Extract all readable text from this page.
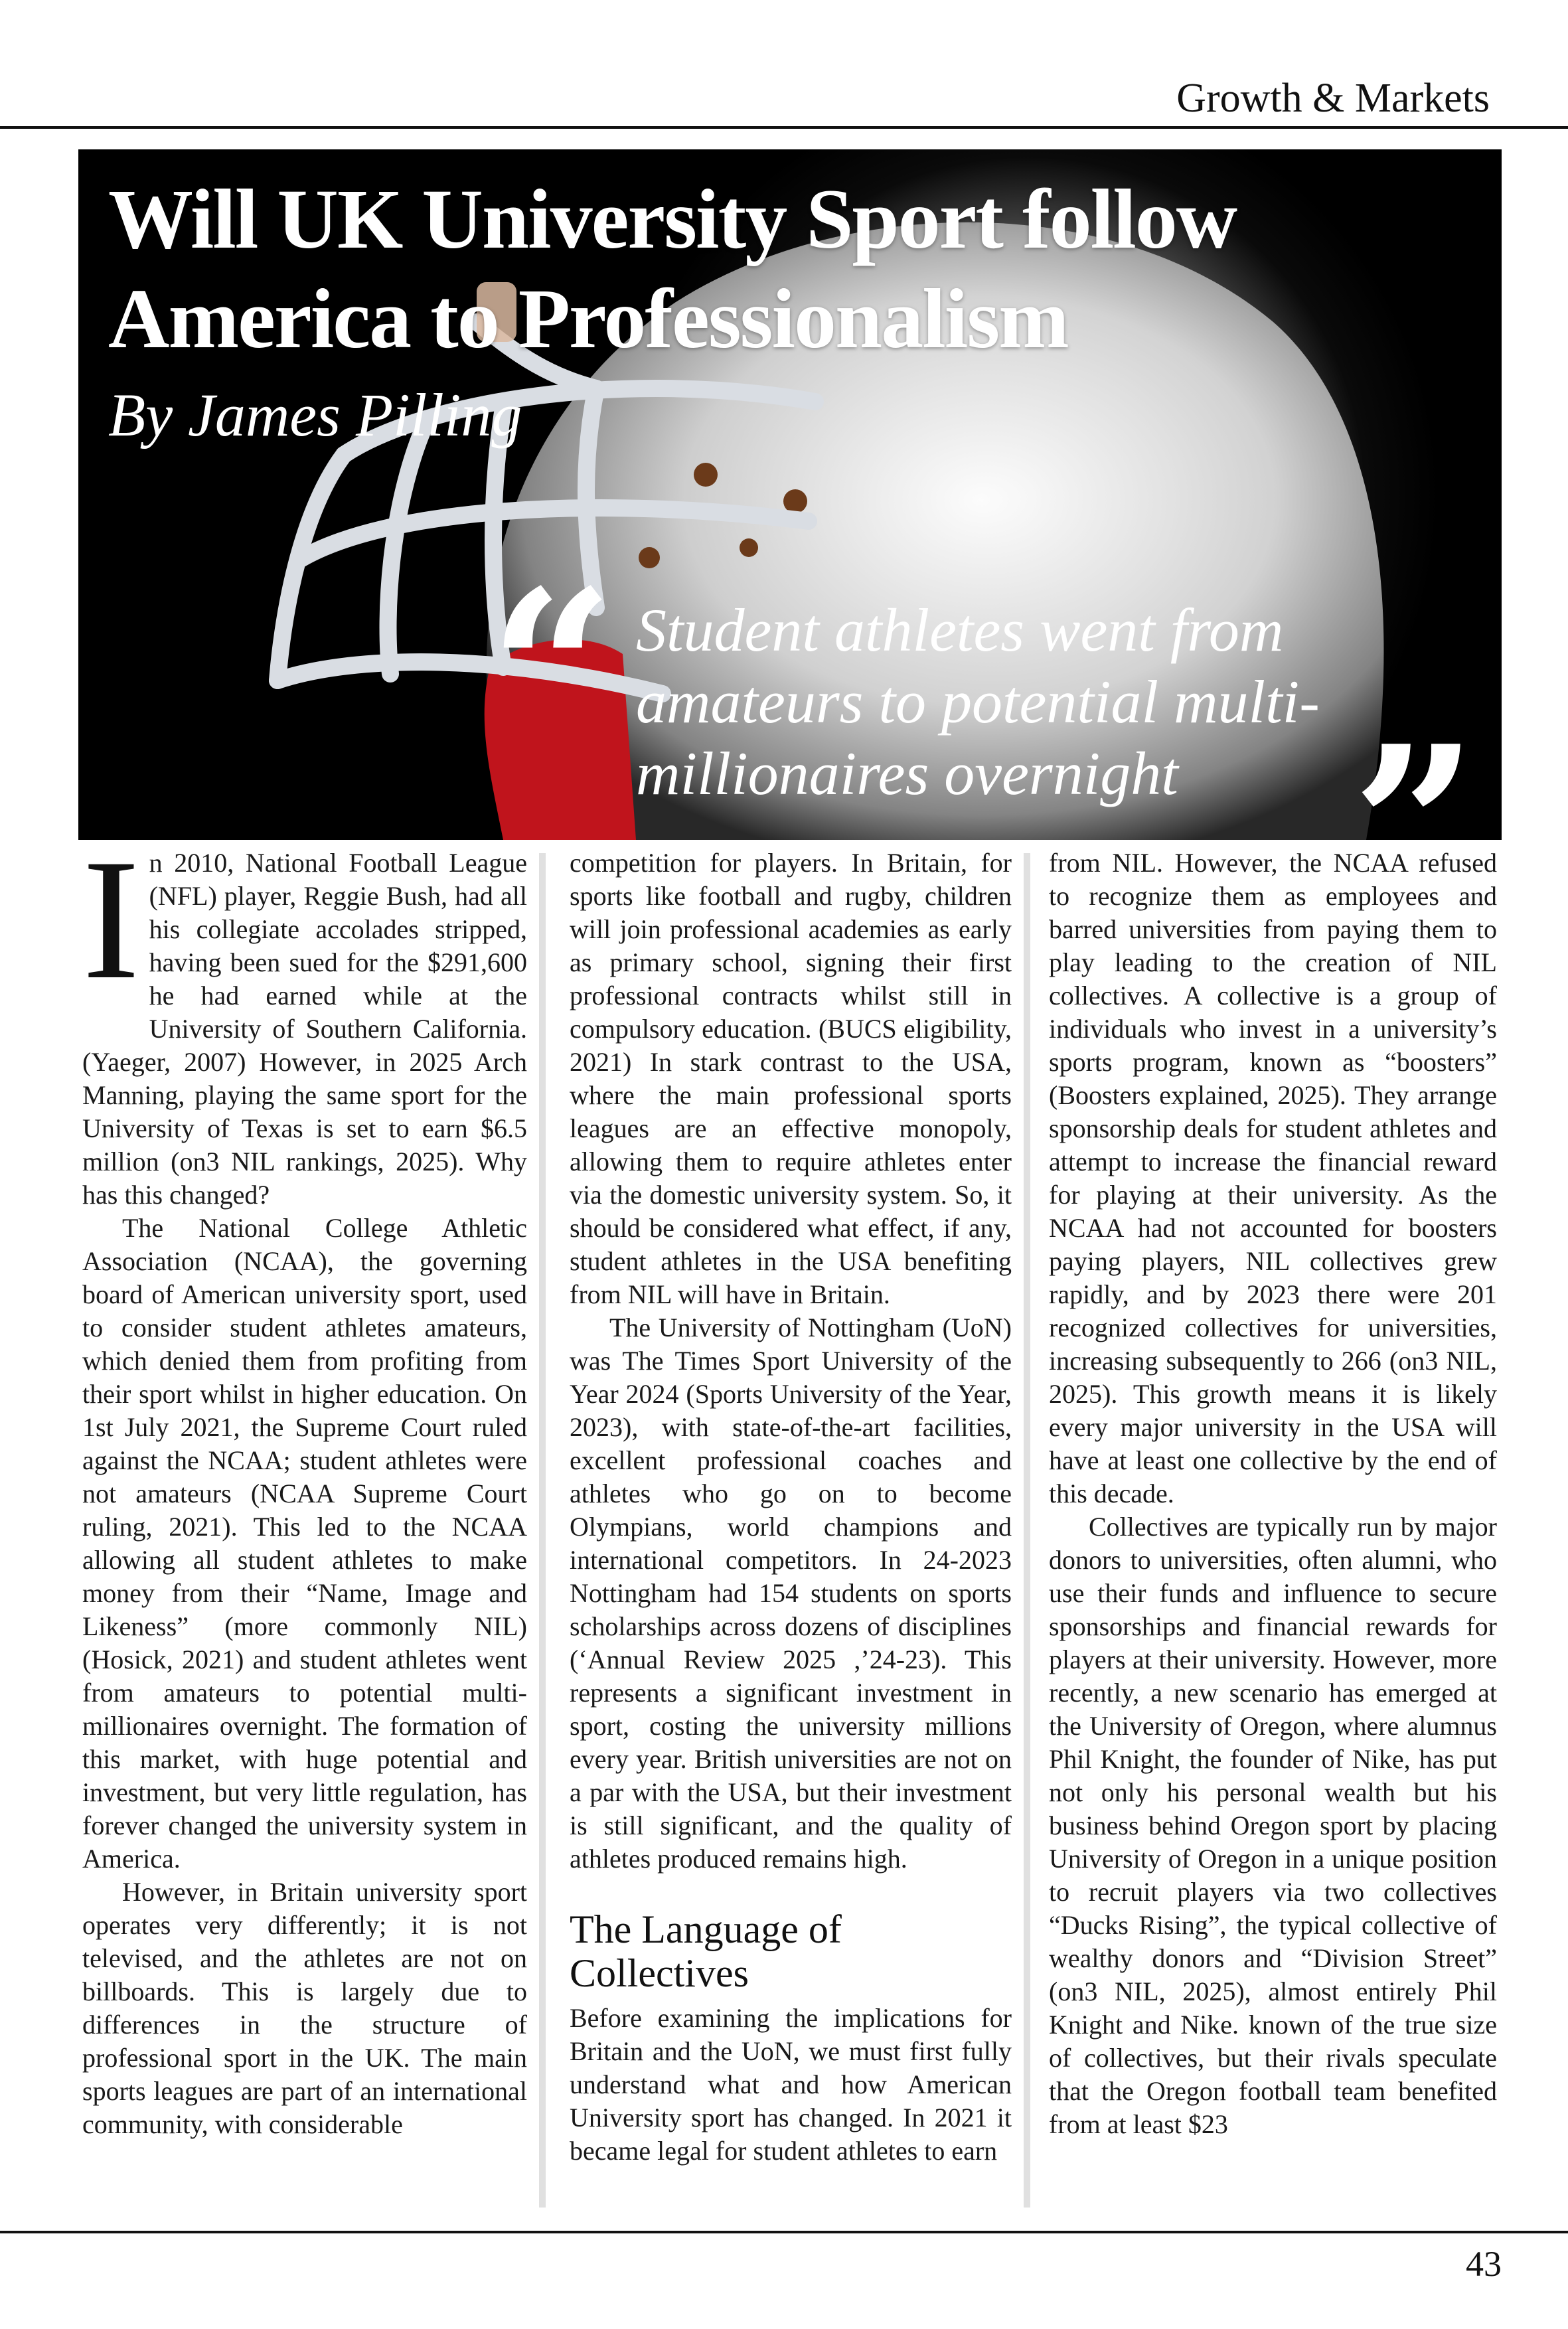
Growth & Markets
Will UK University Sport follow America to Professionalism
By James Pilling
“ Student athletes went from amateurs to potential multi-millionaires overnight ”
I n 2010, National Football League (NFL) player, Reggie Bush, had all his collegiate accolades stripped, having been sued for the $291,600 he had earned while at the University of Southern California. (Yaeger, 2007) However, in 2025 Arch Manning, playing the same sport for the University of Texas is set to earn $6.5 million (on3 NIL rankings, 2025). Why has this changed?

The National College Athletic Association (NCAA), the governing board of American university sport, used to consider student athletes amateurs, which denied them from profiting from their sport whilst in higher education. On 1st July 2021, the Supreme Court ruled against the NCAA; student athletes were not amateurs (NCAA Supreme Court ruling, 2021). This led to the NCAA allowing all student athletes to make money from their “Name, Image and Likeness” (more commonly NIL) (Hosick, 2021) and student athletes went from amateurs to potential multi-millionaires overnight. The formation of this market, with huge potential and investment, but very little regulation, has forever changed the university system in America.

However, in Britain university sport operates very differently; it is not televised, and the athletes are not on billboards. This is largely due to differences in the structure of professional sport in the UK. The main sports leagues are part of an international community, with considerable

competition for players. In Britain, for sports like football and rugby, children will join professional academies as early as primary school, signing their first professional contracts whilst still in compulsory education. (BUCS eligibility, 2021) In stark contrast to the USA, where the main professional sports leagues are an effective monopoly, allowing them to require athletes enter via the domestic university system. So, it should be considered what effect, if any, student athletes in the USA benefiting from NIL will have in Britain.

The University of Nottingham (UoN) was The Times Sport University of the Year 2024 (Sports University of the Year, 2023), with state-of-the-art facilities, excellent professional coaches and athletes who go on to become Olympians, world champions and international competitors. In 24-2023 Nottingham had 154 students on sports scholarships across dozens of disciplines (‘Annual Review 2025 ,’24-23). This represents a significant investment in sport, costing the university millions every year. British universities are not on a par with the USA, but their investment is still significant, and the quality of athletes produced remains high.

The Language of Collectives

Before examining the implications for Britain and the UoN, we must first fully understand what and how American University sport has changed. In 2021 it became legal for student athletes to earn

from NIL. However, the NCAA refused to recognize them as employees and barred universities from paying them to play leading to the creation of NIL collectives. A collective is a group of individuals who invest in a university’s sports program, known as “boosters” (Boosters explained, 2025). They arrange sponsorship deals for student athletes and attempt to increase the financial reward for playing at their university. As the NCAA had not accounted for boosters paying players, NIL collectives grew rapidly, and by 2023 there were 201 recognized collectives for universities, increasing subsequently to 266 (on3 NIL, 2025). This growth means it is likely every major university in the USA will have at least one collective by the end of this decade.

Collectives are typically run by major donors to universities, often alumni, who use their funds and influence to secure sponsorships and financial rewards for players at their university. However, more recently, a new scenario has emerged at the University of Oregon, where alumnus Phil Knight, the founder of Nike, has put not only his personal wealth but his business behind Oregon sport by placing University of Oregon in a unique position to recruit players via two collectives “Ducks Rising”, the typical collective of wealthy donors and “Division Street” (on3 NIL, 2025), almost entirely Phil Knight and Nike. known of the true size of collectives, but their rivals speculate that the Oregon football team benefited from at least $23

43
